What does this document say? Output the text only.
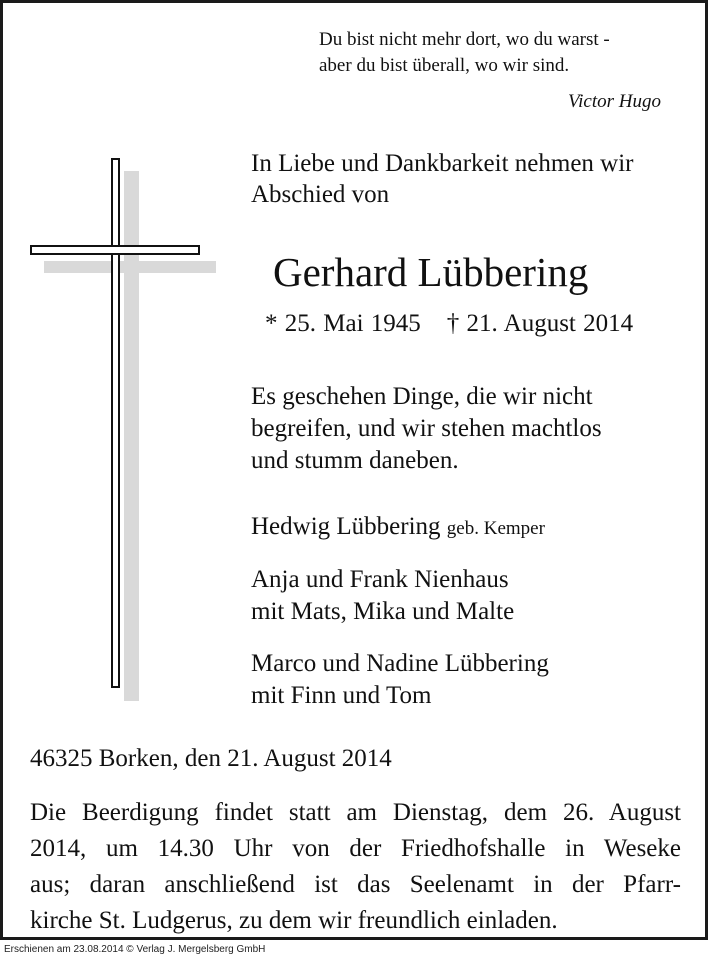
Du bist nicht mehr dort, wo du warst -
aber du bist überall, wo wir sind.
Victor Hugo
In Liebe und Dankbarkeit nehmen wir
Abschied von
Gerhard Lübbering
* 25. Mai 1945 † 21. August 2014
Es geschehen Dinge, die wir nicht
begreifen, und wir stehen machtlos
und stumm daneben.
Hedwig Lübbering geb. Kemper
Anja und Frank Nienhaus
mit Mats, Mika und Malte
Marco und Nadine Lübbering
mit Finn und Tom
46325 Borken, den 21. August 2014
Die Beerdigung findet statt am Dienstag, dem 26. August
2014, um 14.30 Uhr von der Friedhofshalle in Weseke
aus; daran anschließend ist das Seelenamt in der Pfarr-
kirche St. Ludgerus, zu dem wir freundlich einladen.
Erschienen am 23.08.2014 © Verlag J. Mergelsberg GmbH
